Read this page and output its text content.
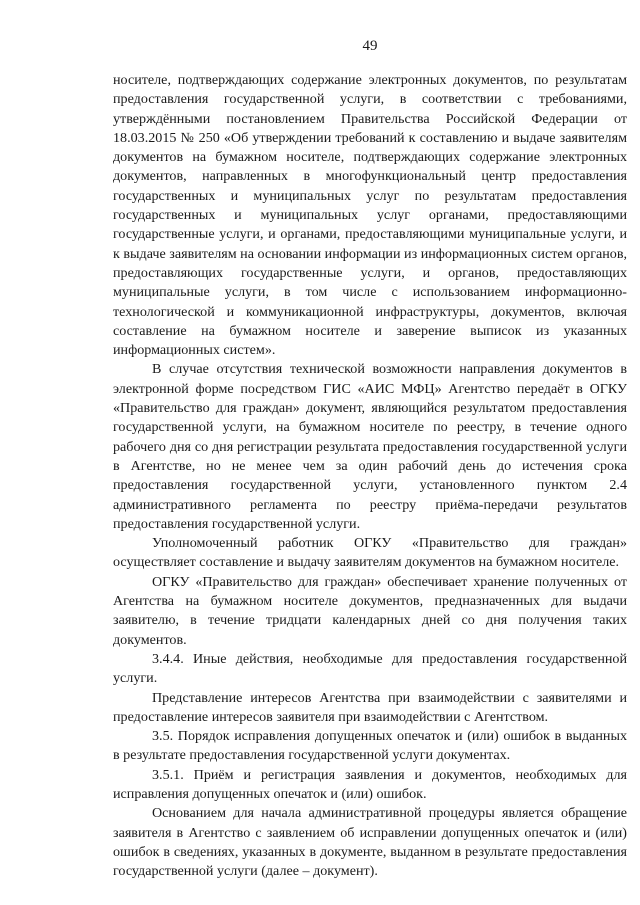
49

носителе, подтверждающих содержание электронных документов, по результатам предоставления государственной услуги, в соответствии с требованиями, утверждёнными постановлением Правительства Российской Федерации от 18.03.2015 № 250 «Об утверждении требований к составлению и выдаче заявителям документов на бумажном носителе, подтверждающих содержание электронных документов, направленных в многофункциональный центр предоставления государственных и муниципальных услуг по результатам предоставления государственных и муниципальных услуг органами, предоставляющими государственные услуги, и органами, предоставляющими муниципальные услуги, и к выдаче заявителям на основании информации из информационных систем органов, предоставляющих государственные услуги, и органов, предоставляющих муниципальные услуги, в том числе с использованием информационно-технологической и коммуникационной инфраструктуры, документов, включая составление на бумажном носителе и заверение выписок из указанных информационных систем».

В случае отсутствия технической возможности направления документов в электронной форме посредством ГИС «АИС МФЦ» Агентство передаёт в ОГКУ «Правительство для граждан» документ, являющийся результатом предоставления государственной услуги, на бумажном носителе по реестру, в течение одного рабочего дня со дня регистрации результата предоставления государственной услуги в Агентстве, но не менее чем за один рабочий день до истечения срока предоставления государственной услуги, установленного пунктом 2.4 административного регламента по реестру приёма-передачи результатов предоставления государственной услуги.

Уполномоченный работник ОГКУ «Правительство для граждан» осуществляет составление и выдачу заявителям документов на бумажном носителе.

ОГКУ «Правительство для граждан» обеспечивает хранение полученных от Агентства на бумажном носителе документов, предназначенных для выдачи заявителю, в течение тридцати календарных дней со дня получения таких документов.

3.4.4. Иные действия, необходимые для предоставления государственной услуги.

Представление интересов Агентства при взаимодействии с заявителями и предоставление интересов заявителя при взаимодействии с Агентством.

3.5. Порядок исправления допущенных опечаток и (или) ошибок в выданных в результате предоставления государственной услуги документах.

3.5.1. Приём и регистрация заявления и документов, необходимых для исправления допущенных опечаток и (или) ошибок.

Основанием для начала административной процедуры является обращение заявителя в Агентство с заявлением об исправлении допущенных опечаток и (или) ошибок в сведениях, указанных в документе, выданном в результате предоставления государственной услуги (далее – документ).
